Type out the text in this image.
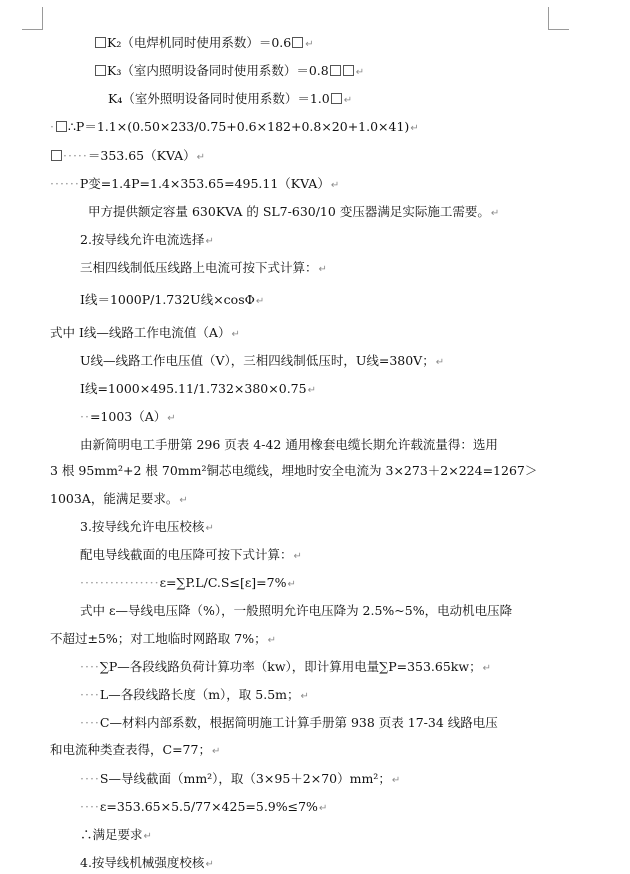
K₂（电焊机同时使用系数）＝0.6 ↵
K₃（室内照明设备同时使用系数）＝0.8	↵
K₄（室外照明设备同时使用系数）＝1.0 ↵
· ∴P＝1.1×(0.50×233/0.75+0.6×182+0.8×20+1.0×41)↵
·····＝353.65（KVA）↵
······P变=1.4P=1.4×353.65=495.11（KVA）↵
甲方提供额定容量 630KVA 的 SL7-630/10 变压器满足实际施工需要。↵
2.按导线允许电流选择↵
三相四线制低压线路上电流可按下式计算：↵
I线＝1000P/1.732U线×cosΦ↵
式中 I线—线路工作电流值（A）↵
U线—线路工作电压值（V），三相四线制低压时，U线=380V；↵
I线=1000×495.11/1.732×380×0.75↵
··=1003（A）↵
由新简明电工手册第 296 页表 4-42 通用橡套电缆长期允许载流量得：选用
3 根 95mm²+2 根 70mm²铜芯电缆线，埋地时安全电流为 3×273＋2×224=1267＞
1003A，能满足要求。↵
3.按导线允许电压校核↵
配电导线截面的电压降可按下式计算：↵
················ε=∑P.L/C.S≤[ε]=7%↵
式中 ε—导线电压降（%），一般照明允许电压降为 2.5%~5%，电动机电压降
不超过±5%；对工地临时网路取 7%；↵
····∑P—各段线路负荷计算功率（kw），即计算用电量∑P=353.65kw；↵
····L—各段线路长度（m），取 5.5m；↵
····C—材料内部系数，根据简明施工计算手册第 938 页表 17-34 线路电压
和电流种类查表得，C=77；↵
····S—导线截面（mm²），取（3×95＋2×70）mm²；↵
····ε=353.65×5.5/77×425=5.9%≤7%↵
∴满足要求↵
4.按导线机械强度校核↵
